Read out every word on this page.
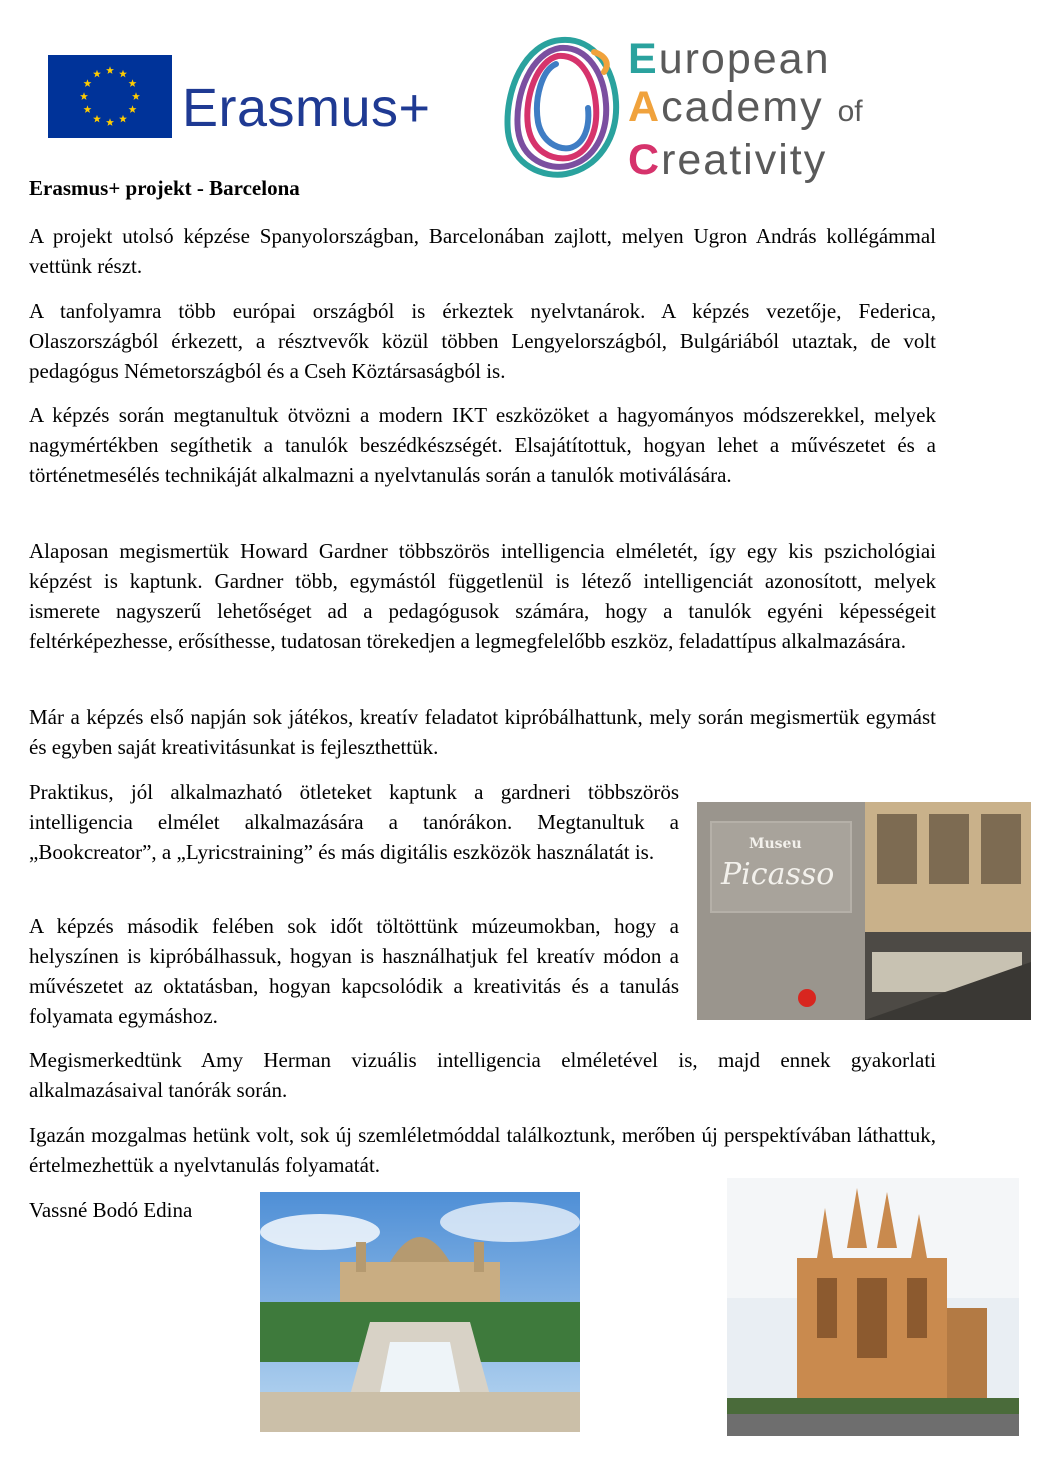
Erasmus+
European
Academy of
Creativity
Erasmus+ projekt - Barcelona

A projekt utolsó képzése Spanyolországban, Barcelonában zajlott, melyen Ugron András kollégámmal vettünk részt.

A tanfolyamra több európai országból is érkeztek nyelvtanárok. A képzés vezetője, Federica, Olaszországból érkezett, a résztvevők közül többen Lengyelországból, Bulgáriából utaztak, de volt pedagógus Németországból és a Cseh Köztársaságból is.

A képzés során megtanultuk ötvözni a modern IKT eszközöket a hagyományos módszerekkel, melyek nagymértékben segíthetik a tanulók beszédkészségét. Elsajátítottuk, hogyan lehet a művészetet és a történetmesélés technikáját alkalmazni a nyelvtanulás során a tanulók motiválására.

Alaposan megismertük Howard Gardner többszörös intelligencia elméletét, így egy kis pszichológiai képzést is kaptunk. Gardner több, egymástól függetlenül is létező intelligenciát azonosított, melyek ismerete nagyszerű lehetőséget ad a pedagógusok számára, hogy a tanulók egyéni képességeit feltérképezhesse, erősíthesse, tudatosan törekedjen a legmegfelelőbb eszköz, feladattípus alkalmazására.

Már a képzés első napján sok játékos, kreatív feladatot kipróbálhattunk, mely során megismertük egymást és egyben saját kreativitásunkat is fejleszthettük.

Praktikus, jól alkalmazható ötleteket kaptunk a gardneri többszörös intelligencia elmélet alkalmazására a tanórákon. Megtanultuk a „Bookcreator”, a „Lyricstraining” és más digitális eszközök használatát is.

A képzés második felében sok időt töltöttünk múzeumokban, hogy a helyszínen is kipróbálhassuk, hogyan is használhatjuk fel kreatív módon a művészetet az oktatásban, hogyan kapcsolódik a kreativitás és a tanulás folyamata egymáshoz.

Megismerkedtünk Amy Herman vizuális intelligencia elméletével is, majd ennek gyakorlati alkalmazásaival tanórák során.

Igazán mozgalmas hetünk volt, sok új szemléletmóddal találkoztunk, merőben új perspektívában láthattuk, értelmezhettük a nyelvtanulás folyamatát.

Vassné Bodó Edina
Museu
Picasso
